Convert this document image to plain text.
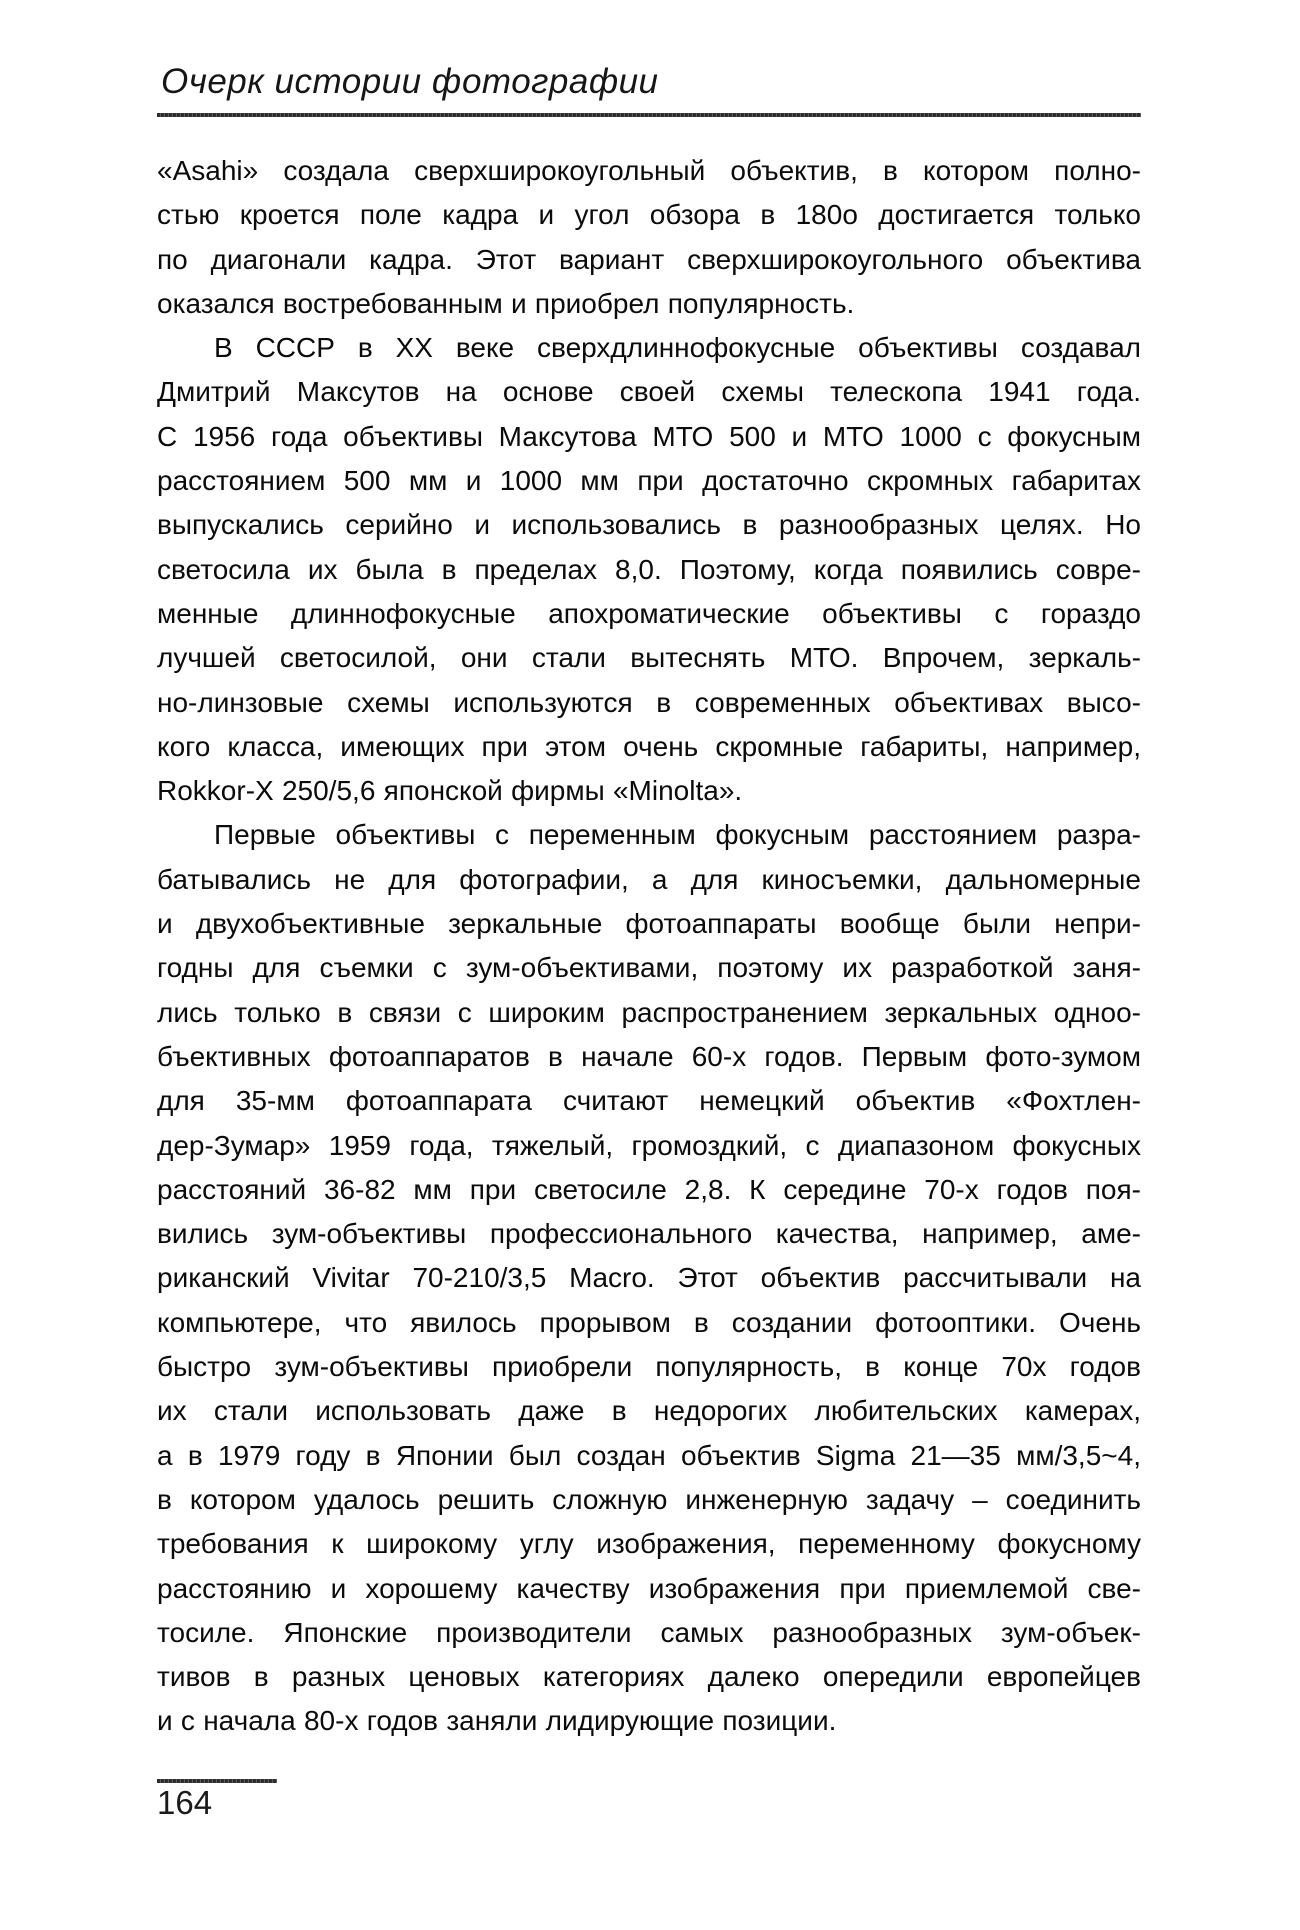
Очерк истории фотографии
«Asahi» создала сверхширокоугольный объектив, в котором полно-
стью кроется поле кадра и угол обзора в 180о достигается только
по диагонали кадра. Этот вариант сверхширокоугольного объектива
оказался востребованным и приобрел популярность.
В СССР в ХХ веке сверхдлиннофокусные объективы создавал
Дмитрий Максутов на основе своей схемы телескопа 1941 года.
С 1956 года объективы Максутова МТО 500 и МТО 1000 с фокусным
расстоянием 500 мм и 1000 мм при достаточно скромных габаритах
выпускались серийно и использовались в разнообразных целях. Но
светосила их была в пределах 8,0. Поэтому, когда появились совре-
менные длиннофокусные апохроматические объективы с гораздо
лучшей светосилой, они стали вытеснять МТО. Впрочем, зеркаль-
но-линзовые схемы используются в современных объективах высо-
кого класса, имеющих при этом очень скромные габариты, например,
Rokkor-X 250/5,6 японской фирмы «Minolta».
Первые объективы с переменным фокусным расстоянием разра-
батывались не для фотографии, а для киносъемки, дальномерные
и двухобъективные зеркальные фотоаппараты вообще были непри-
годны для съемки с зум-объективами, поэтому их разработкой заня-
лись только в связи с широким распространением зеркальных одноо-
бъективных фотоаппаратов в начале 60-х годов. Первым фото-зумом
для 35-мм фотоаппарата считают немецкий объектив «Фохтлен-
дер-Зумар» 1959 года, тяжелый, громоздкий, с диапазоном фокусных
расстояний 36-82 мм при светосиле 2,8. К середине 70-х годов поя-
вились зум-объективы профессионального качества, например, аме-
риканский Vivitar 70-210/3,5 Macro. Этот объектив рассчитывали на
компьютере, что явилось прорывом в создании фотооптики. Очень
быстро зум-объективы приобрели популярность, в конце 70х годов
их стали использовать даже в недорогих любительских камерах,
а в 1979 году в Японии был создан объектив Sigma 21—35 мм/3,5~4,
в котором удалось решить сложную инженерную задачу – соединить
требования к широкому углу изображения, переменному фокусному
расстоянию и хорошему качеству изображения при приемлемой све-
тосиле. Японские производители самых разнообразных зум-объек-
тивов в разных ценовых категориях далеко опередили европейцев
и с начала 80-х годов заняли лидирующие позиции.
164
